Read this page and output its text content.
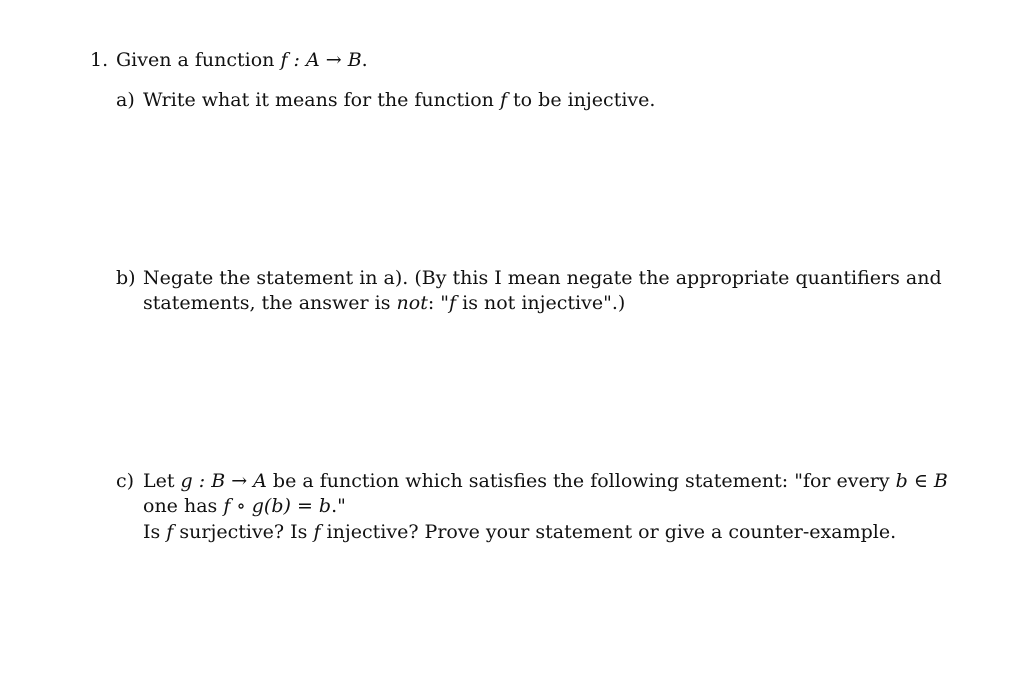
1. Given a function f : A → B.
a) Write what it means for the function f to be injective.
b) Negate the statement in a). (By this I mean negate the appropriate quantifiers and
statements, the answer is not: "f is not injective".)
c) Let g : B → A be a function which satisfies the following statement: "for every b ∈ B
one has f ∘ g(b) = b."
Is f surjective? Is f injective? Prove your statement or give a counter-example.
